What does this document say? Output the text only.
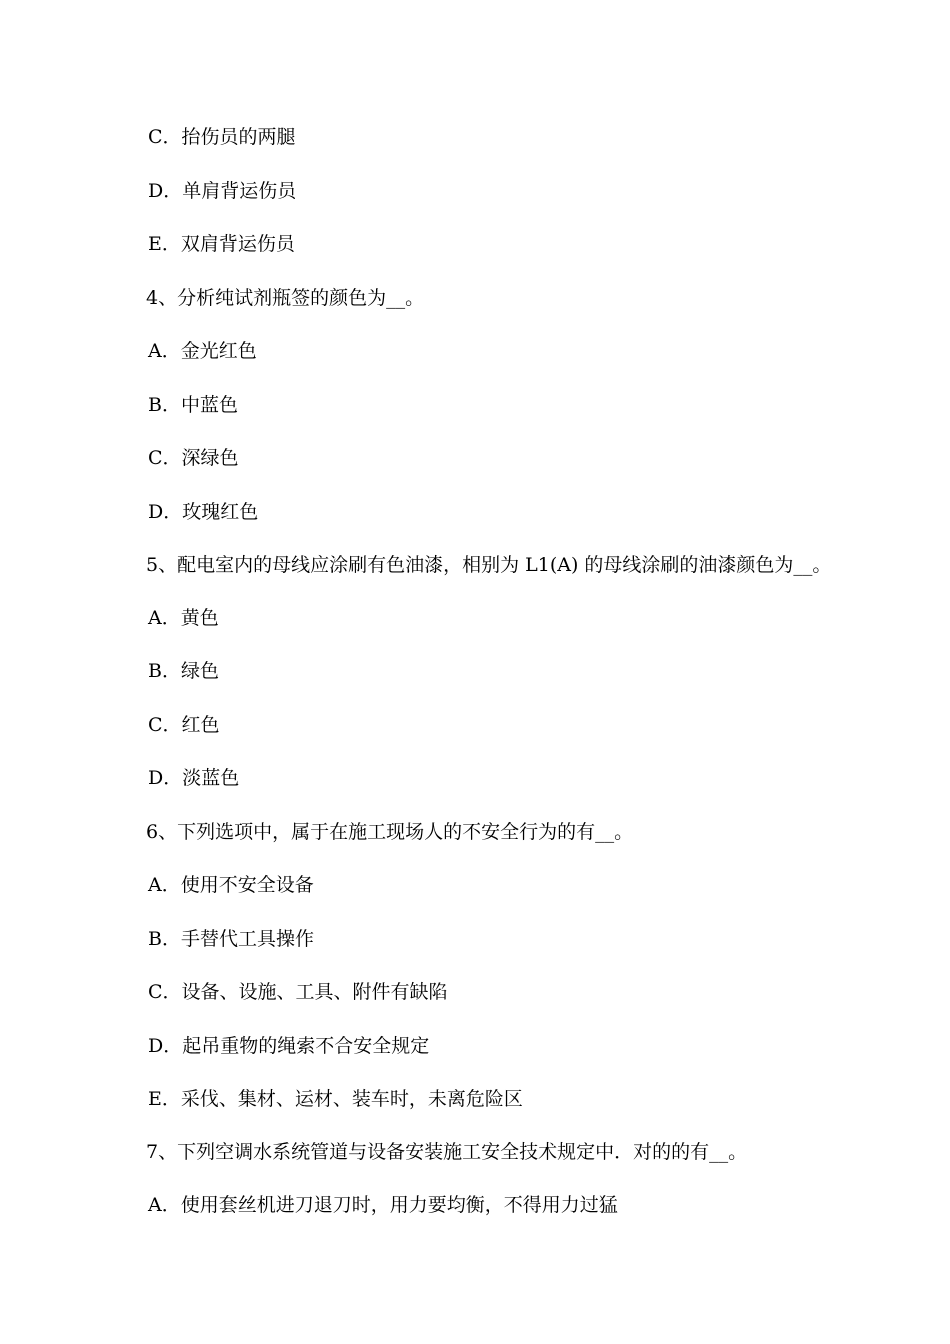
C．抬伤员的两腿
D．单肩背运伤员
E．双肩背运伤员
4、分析纯试剂瓶签的颜色为__。
A．金光红色
B．中蓝色
C．深绿色
D．玫瑰红色
5、配电室内的母线应涂刷有色油漆，相别为 L1(A) 的母线涂刷的油漆颜色为__。
A．黄色
B．绿色
C．红色
D．淡蓝色
6、下列选项中，属于在施工现场人的不安全行为的有__。
A．使用不安全设备
B．手替代工具操作
C．设备、设施、工具、附件有缺陷
D．起吊重物的绳索不合安全规定
E．采伐、集材、运材、装车时，未离危险区
7、下列空调水系统管道与设备安装施工安全技术规定中．对的的有__。
A．使用套丝机进刀退刀时，用力要均衡，不得用力过猛
